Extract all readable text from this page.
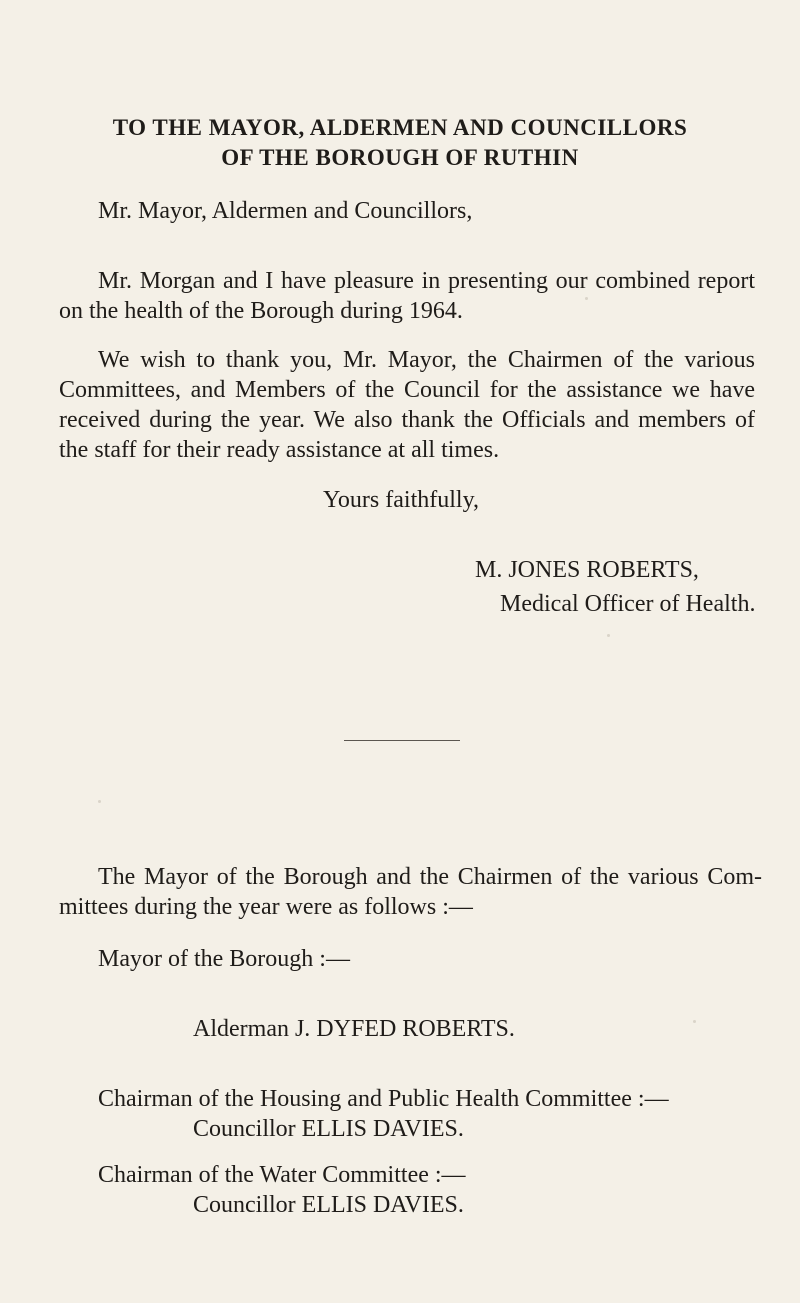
TO THE MAYOR, ALDERMEN AND COUNCILLORS
OF THE BOROUGH OF RUTHIN
Mr. Mayor, Aldermen and Councillors,
Mr. Morgan and I have pleasure in presenting our combined report
on the health of the Borough during 1964.
We wish to thank you, Mr. Mayor, the Chairmen of the various
Committees, and Members of the Council for the assistance we have
received during the year. We also thank the Officials and members of
the staff for their ready assistance at all times.
Yours faithfully,
M. JONES ROBERTS,
Medical Officer of Health.
The Mayor of the Borough and the Chairmen of the various Com-
mittees during the year were as follows :—
Mayor of the Borough :—
Alderman J. DYFED ROBERTS.
Chairman of the Housing and Public Health Committee :—
Councillor ELLIS DAVIES.
Chairman of the Water Committee :—
Councillor ELLIS DAVIES.
